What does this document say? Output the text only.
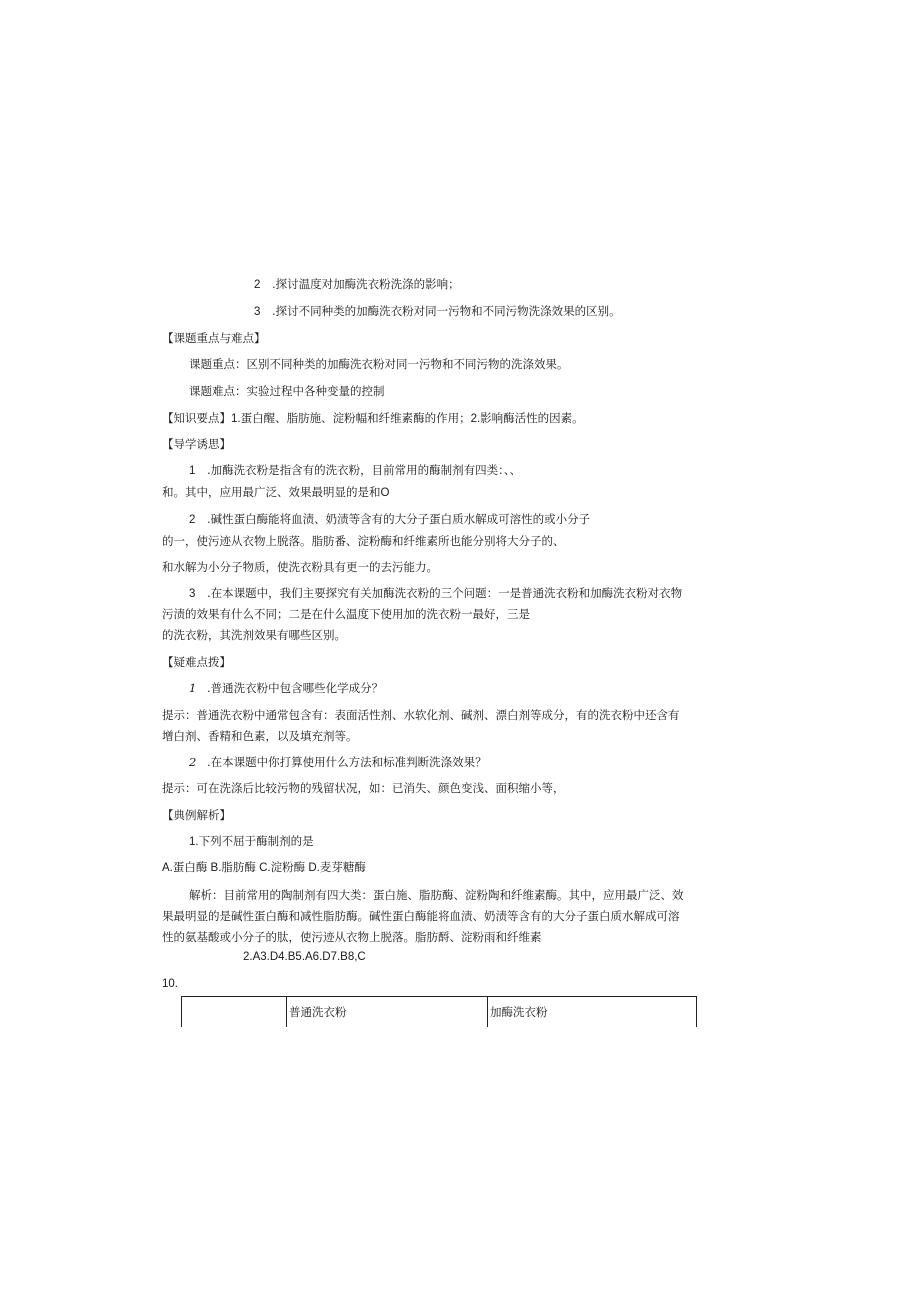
2 .探讨温度对加酶洗衣粉洗涤的影响；
3 .探讨不同种类的加酶洗衣粉对同一污物和不同污物洗涤效果的区别。
【课题重点与难点】
课题重点：区别不同种类的加酶洗衣粉对同一污物和不同污物的洗涤效果。
课题难点：实验过程中各种变量的控制
【知识要点】1.蛋白醒、脂肪施、淀粉幅和纤维素酶的作用；2.影响酶活性的因素。
【导学诱思】
1 .加酶洗衣粉是指含有的洗衣粉，目前常用的酶制剂有四类：、、
和。其中，应用最广泛、效果最明显的是和O
2 .碱性蛋白酶能将血渍、奶渍等含有的大分子蛋白质水解成可溶性的或小分子
的一，使污迹从衣物上脱落。脂肪番、淀粉酶和纤维素所也能分别将大分子的、
和水解为小分子物质，使洗衣粉具有更一的去污能力。
3 .在本课题中，我们主要探究有关加酶洗衣粉的三个问题：一是普通洗衣粉和加酶洗衣粉对衣物
污渍的效果有什么不同；二是在什么温度下使用加的洗衣粉一最好，三是
的洗衣粉，其洗剂效果有哪些区别。
【疑难点拨】
1 .普通洗衣粉中包含哪些化学成分？
提示：普通洗衣粉中通常包含有：表面活性剂、水软化剂、碱剂、漂白剂等成分，有的洗衣粉中还含有
增白剂、香精和色素，以及填充剂等。
2 .在本课题中你打算使用什么方法和标准判断洗涤效果？
提示：可在洗涤后比较污物的残留状况，如：已消失、颜色变浅、面积缩小等，
【典例解析】
1.下列不屈于酶制剂的是
A.蛋白酶 B.脂肪酶 C.淀粉酶 D.麦芽糖酶
解析：目前常用的陶制剂有四大类：蛋白施、脂肪酶、淀粉陶和纤维素酶。其中，应用最广泛、效
果最明显的是碱性蛋白酶和减性脂肪酶。碱性蛋白酶能将血渍、奶渍等含有的大分子蛋白质水解成可溶
性的氨基酸或小分子的肽，使污迹从衣物上脱落。脂肪酹、淀粉雨和纤维素
2.A3.D4.B5.A6.D7.B8,C
10.
	普通洗衣粉	加酶洗衣粉
